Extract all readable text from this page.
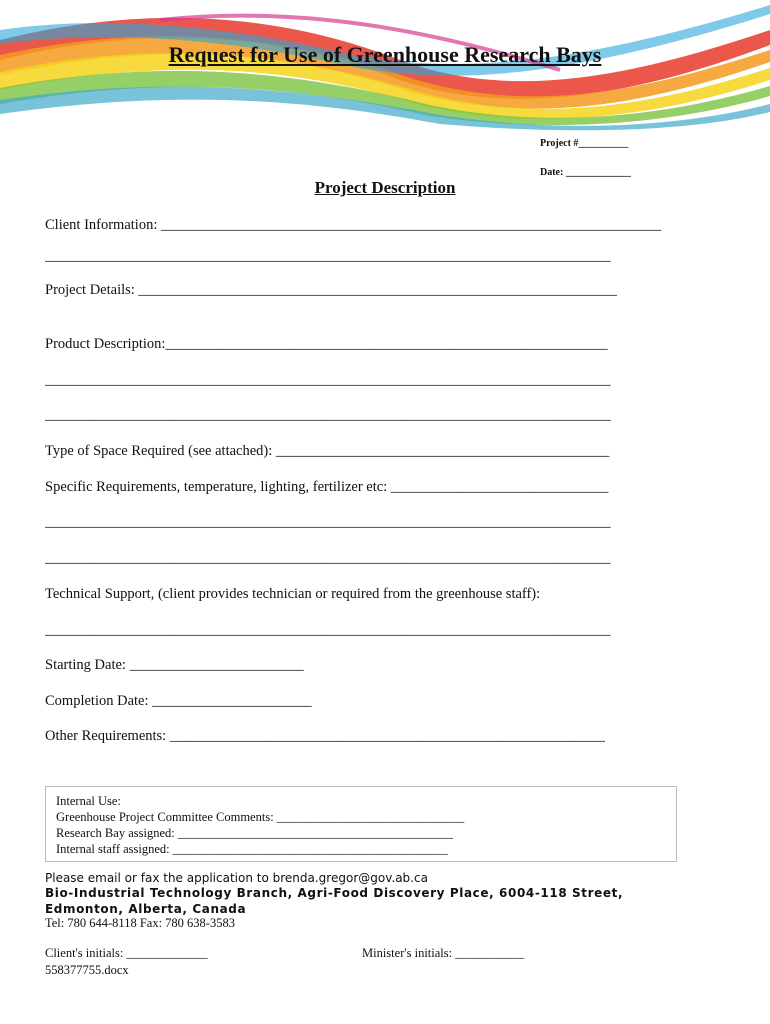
Request for Use of Greenhouse Research Bays
Project #__________
Date: _____________
Project Description
Client Information: _____________________________________________________________________
______________________________________________________________________________
Project Details: __________________________________________________________________
Product Description:_____________________________________________________________
______________________________________________________________________________
______________________________________________________________________________
Type of Space Required (see attached): ______________________________________________
Specific Requirements, temperature, lighting, fertilizer etc: ______________________________
______________________________________________________________________________
______________________________________________________________________________
Technical Support, (client provides technician or required from the greenhouse staff):
______________________________________________________________________________
Starting Date: ________________________
Completion Date: ______________________
Other Requirements: ____________________________________________________________
Internal Use:
Greenhouse Project Committee Comments: ______________________________
Research Bay assigned: ____________________________________________
Internal staff assigned: ____________________________________________
Please email or fax the application to brenda.gregor@gov.ab.ca
Bio-Industrial Technology Branch, Agri-Food Discovery Place, 6004-118 Street, Edmonton, Alberta, Canada
Tel: 780 644-8118 Fax: 780 638-3583
Client's initials: _____________	Minister's initials: ___________
558377755.docx
